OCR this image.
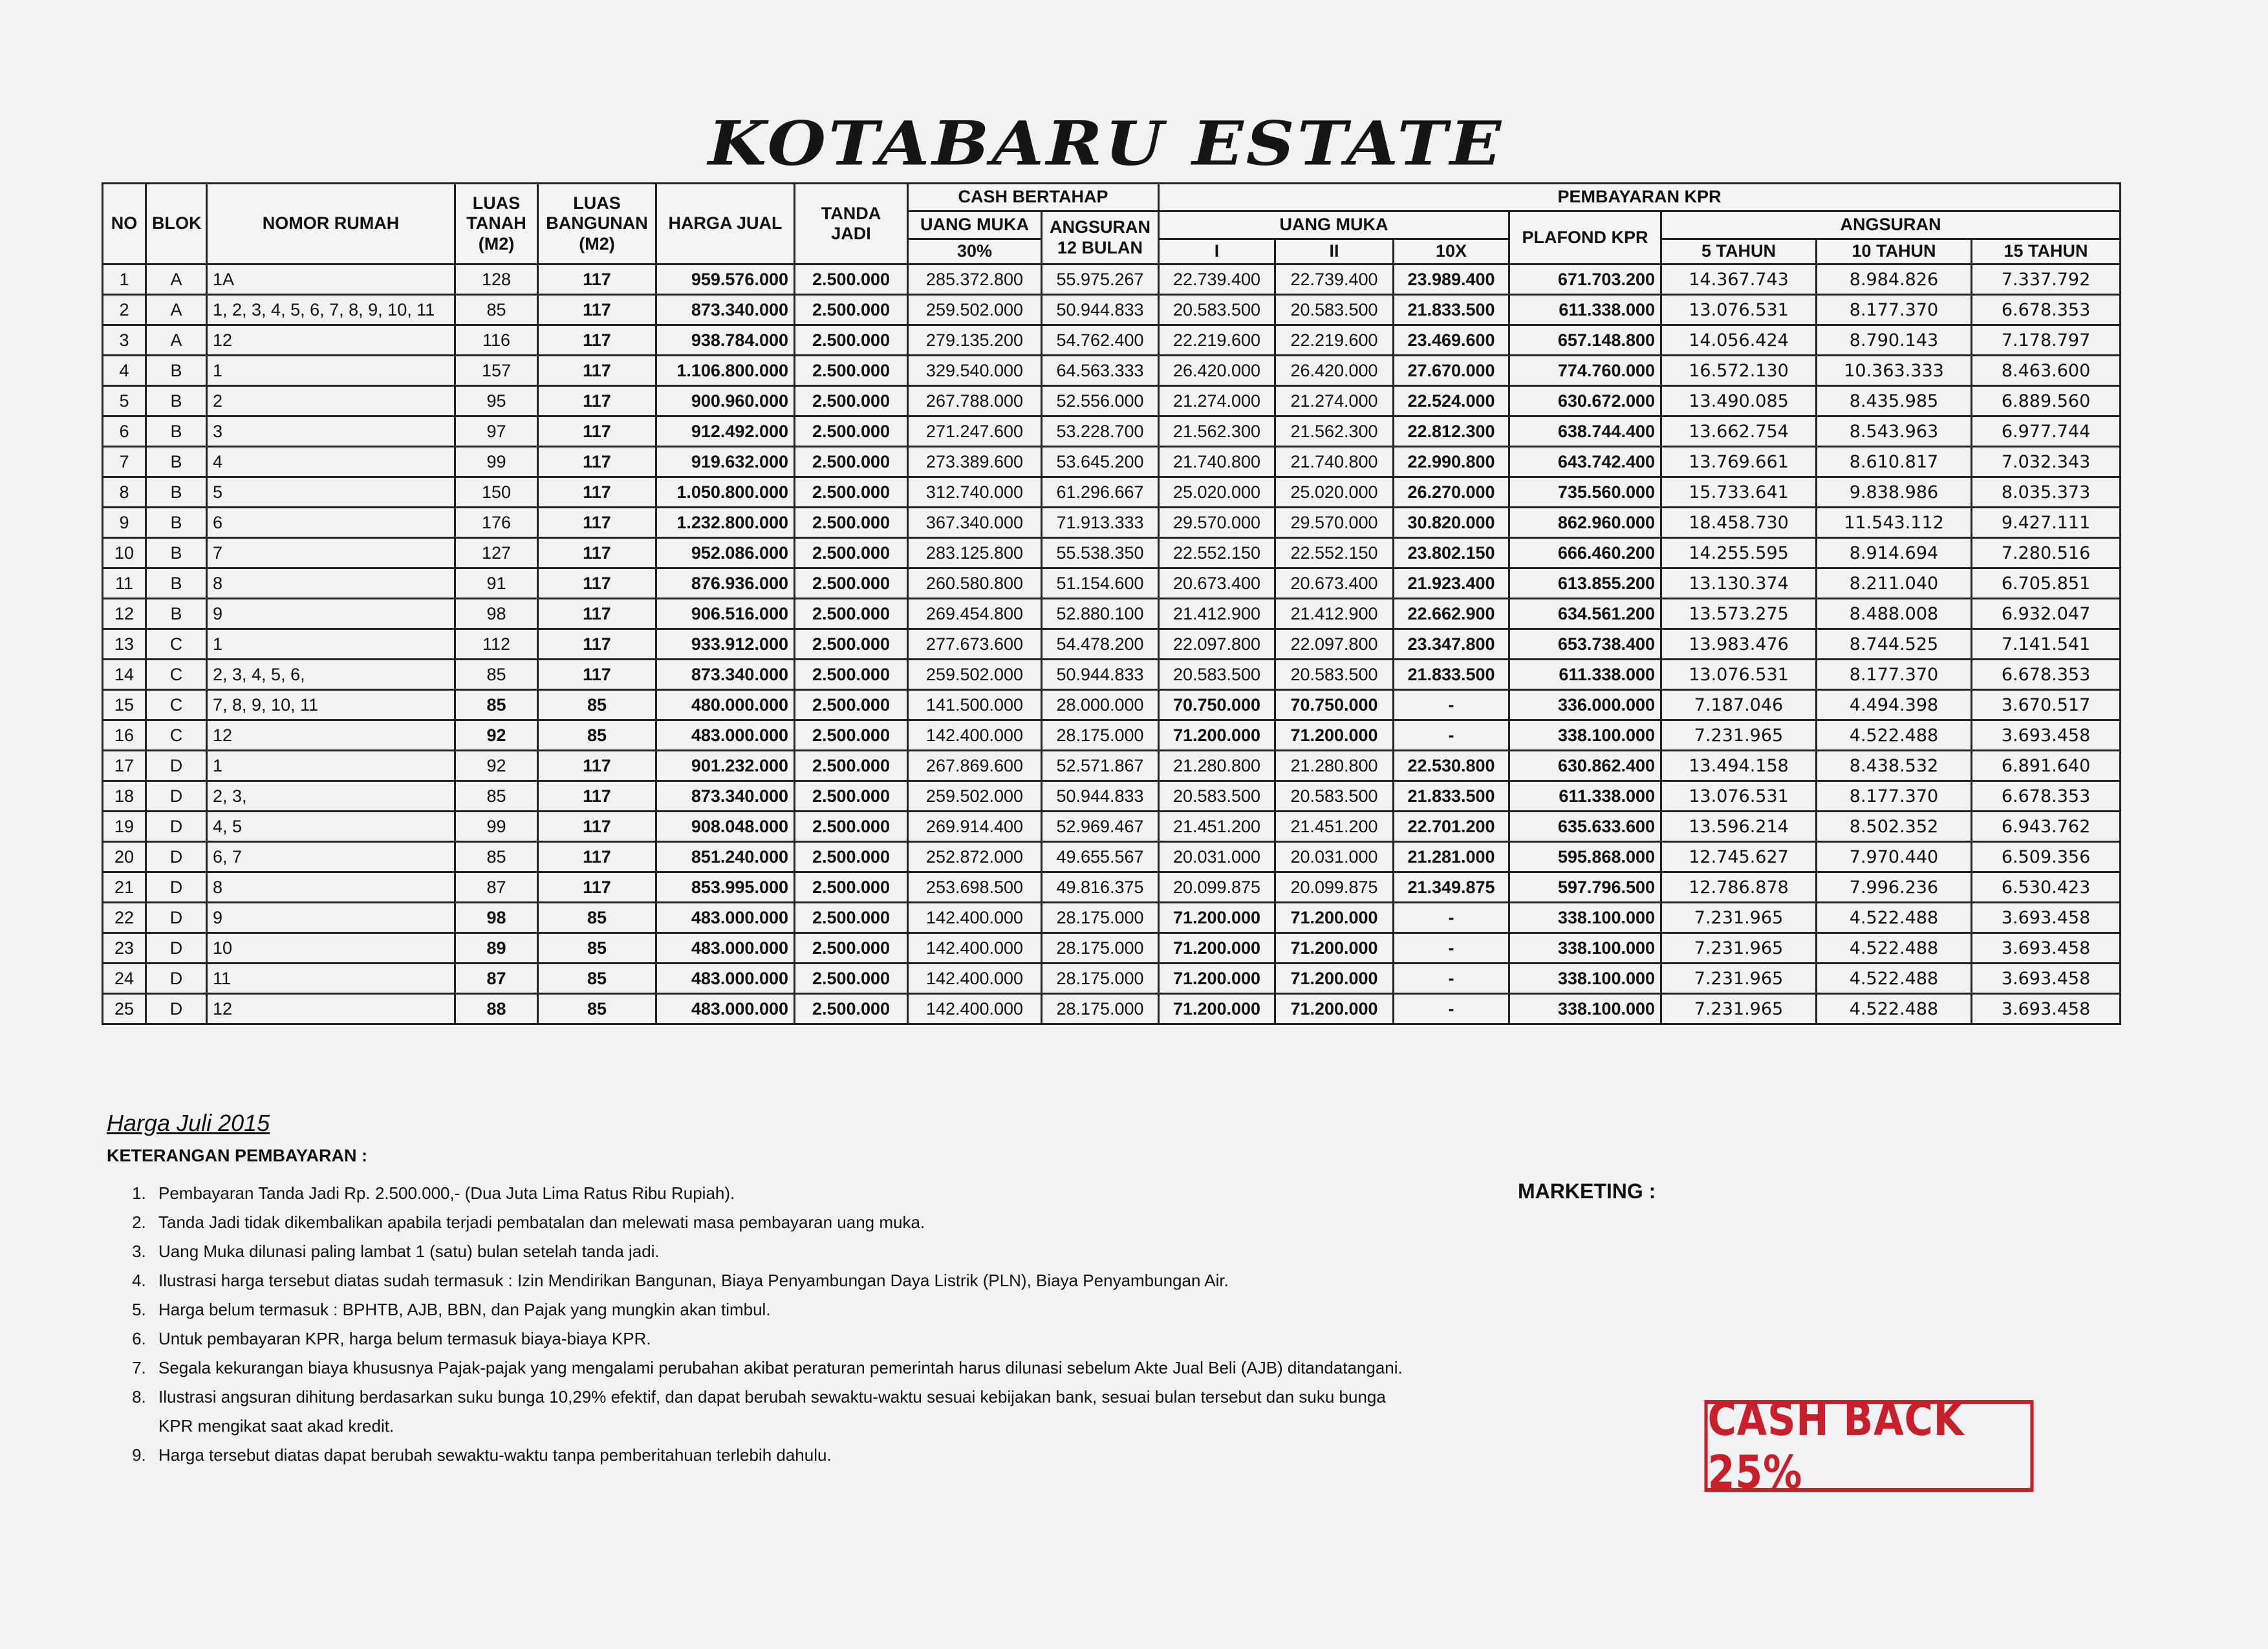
KOTABARU ESTATE
NO	BLOK	NOMOR RUMAH	LUAS TANAH (M2)	LUAS BANGUNAN (M2)	HARGA JUAL	TANDA JADI	CASH BERTAHAP		PEMBAYARAN KPR						
							UANG MUKA	ANGSURAN 12 BULAN	UANG MUKA			PLAFOND KPR	ANGSURAN		
							30%		I	II	10X		5 TAHUN	10 TAHUN	15 TAHUN
1	A	1A	128	117	959.576.000	2.500.000	285.372.800	55.975.267	22.739.400	22.739.400	23.989.400	671.703.200	14.367.743	8.984.826	7.337.792
2	A	1, 2, 3, 4, 5, 6, 7, 8, 9, 10, 11	85	117	873.340.000	2.500.000	259.502.000	50.944.833	20.583.500	20.583.500	21.833.500	611.338.000	13.076.531	8.177.370	6.678.353
3	A	12	116	117	938.784.000	2.500.000	279.135.200	54.762.400	22.219.600	22.219.600	23.469.600	657.148.800	14.056.424	8.790.143	7.178.797
4	B	1	157	117	1.106.800.000	2.500.000	329.540.000	64.563.333	26.420.000	26.420.000	27.670.000	774.760.000	16.572.130	10.363.333	8.463.600
5	B	2	95	117	900.960.000	2.500.000	267.788.000	52.556.000	21.274.000	21.274.000	22.524.000	630.672.000	13.490.085	8.435.985	6.889.560
6	B	3	97	117	912.492.000	2.500.000	271.247.600	53.228.700	21.562.300	21.562.300	22.812.300	638.744.400	13.662.754	8.543.963	6.977.744
7	B	4	99	117	919.632.000	2.500.000	273.389.600	53.645.200	21.740.800	21.740.800	22.990.800	643.742.400	13.769.661	8.610.817	7.032.343
8	B	5	150	117	1.050.800.000	2.500.000	312.740.000	61.296.667	25.020.000	25.020.000	26.270.000	735.560.000	15.733.641	9.838.986	8.035.373
9	B	6	176	117	1.232.800.000	2.500.000	367.340.000	71.913.333	29.570.000	29.570.000	30.820.000	862.960.000	18.458.730	11.543.112	9.427.111
10	B	7	127	117	952.086.000	2.500.000	283.125.800	55.538.350	22.552.150	22.552.150	23.802.150	666.460.200	14.255.595	8.914.694	7.280.516
11	B	8	91	117	876.936.000	2.500.000	260.580.800	51.154.600	20.673.400	20.673.400	21.923.400	613.855.200	13.130.374	8.211.040	6.705.851
12	B	9	98	117	906.516.000	2.500.000	269.454.800	52.880.100	21.412.900	21.412.900	22.662.900	634.561.200	13.573.275	8.488.008	6.932.047
13	C	1	112	117	933.912.000	2.500.000	277.673.600	54.478.200	22.097.800	22.097.800	23.347.800	653.738.400	13.983.476	8.744.525	7.141.541
14	C	2, 3, 4, 5, 6,	85	117	873.340.000	2.500.000	259.502.000	50.944.833	20.583.500	20.583.500	21.833.500	611.338.000	13.076.531	8.177.370	6.678.353
15	C	7, 8, 9, 10, 11	85	85	480.000.000	2.500.000	141.500.000	28.000.000	70.750.000	70.750.000	-	336.000.000	7.187.046	4.494.398	3.670.517
16	C	12	92	85	483.000.000	2.500.000	142.400.000	28.175.000	71.200.000	71.200.000	-	338.100.000	7.231.965	4.522.488	3.693.458
17	D	1	92	117	901.232.000	2.500.000	267.869.600	52.571.867	21.280.800	21.280.800	22.530.800	630.862.400	13.494.158	8.438.532	6.891.640
18	D	2, 3,	85	117	873.340.000	2.500.000	259.502.000	50.944.833	20.583.500	20.583.500	21.833.500	611.338.000	13.076.531	8.177.370	6.678.353
19	D	4, 5	99	117	908.048.000	2.500.000	269.914.400	52.969.467	21.451.200	21.451.200	22.701.200	635.633.600	13.596.214	8.502.352	6.943.762
20	D	6, 7	85	117	851.240.000	2.500.000	252.872.000	49.655.567	20.031.000	20.031.000	21.281.000	595.868.000	12.745.627	7.970.440	6.509.356
21	D	8	87	117	853.995.000	2.500.000	253.698.500	49.816.375	20.099.875	20.099.875	21.349.875	597.796.500	12.786.878	7.996.236	6.530.423
22	D	9	98	85	483.000.000	2.500.000	142.400.000	28.175.000	71.200.000	71.200.000	-	338.100.000	7.231.965	4.522.488	3.693.458
23	D	10	89	85	483.000.000	2.500.000	142.400.000	28.175.000	71.200.000	71.200.000	-	338.100.000	7.231.965	4.522.488	3.693.458
24	D	11	87	85	483.000.000	2.500.000	142.400.000	28.175.000	71.200.000	71.200.000	-	338.100.000	7.231.965	4.522.488	3.693.458
25	D	12	88	85	483.000.000	2.500.000	142.400.000	28.175.000	71.200.000	71.200.000	-	338.100.000	7.231.965	4.522.488	3.693.458
Harga Juli 2015
KETERANGAN PEMBAYARAN :
1. Pembayaran Tanda Jadi Rp. 2.500.000,- (Dua Juta Lima Ratus Ribu Rupiah).
2. Tanda Jadi tidak dikembalikan apabila terjadi pembatalan dan melewati masa pembayaran uang muka.
3. Uang Muka dilunasi paling lambat 1 (satu) bulan setelah tanda jadi.
4. Ilustrasi harga tersebut diatas sudah termasuk : Izin Mendirikan Bangunan, Biaya Penyambungan Daya Listrik (PLN), Biaya Penyambungan Air.
5. Harga belum termasuk : BPHTB, AJB, BBN, dan Pajak yang mungkin akan timbul.
6. Untuk pembayaran KPR, harga belum termasuk biaya-biaya KPR.
7. Segala kekurangan biaya khususnya Pajak-pajak yang mengalami perubahan akibat peraturan pemerintah harus dilunasi sebelum Akte Jual Beli (AJB) ditandatangani.
8. Ilustrasi angsuran dihitung berdasarkan suku bunga 10,29% efektif, dan dapat berubah sewaktu-waktu sesuai kebijakan bank, sesuai bulan tersebut dan suku bunga KPR mengikat saat akad kredit.
9. Harga tersebut diatas dapat berubah sewaktu-waktu tanpa pemberitahuan terlebih dahulu.
MARKETING :
CASH BACK 25%
